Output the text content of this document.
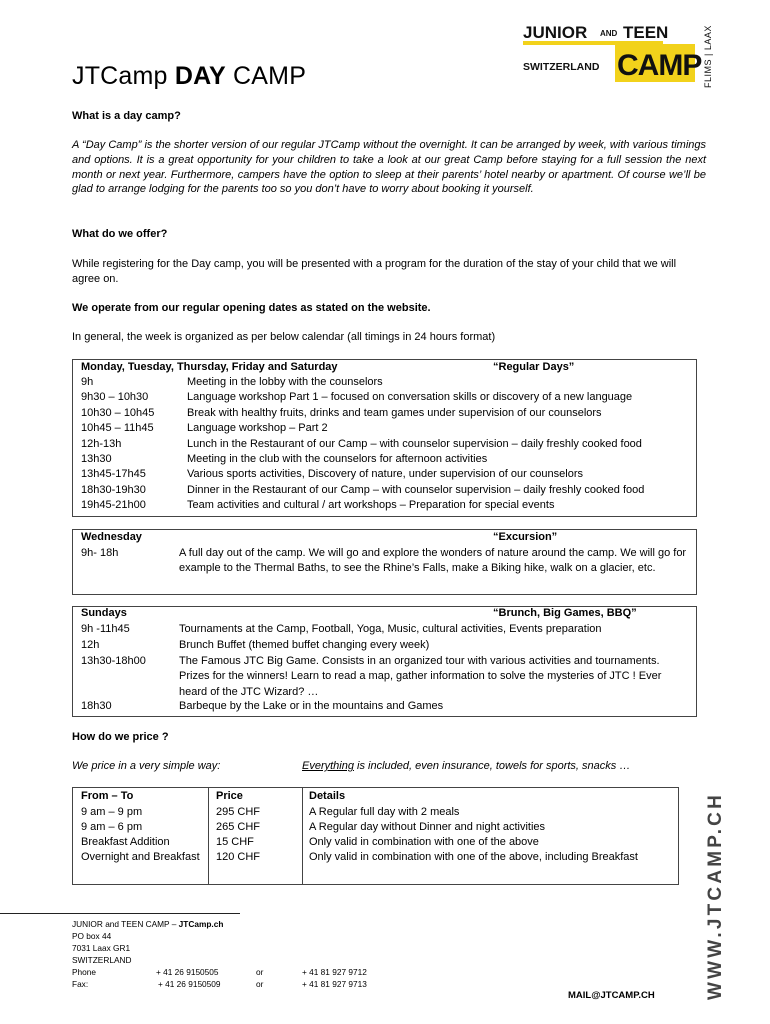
JUNIOR AND TEEN
SWITZERLAND CAMP FLIMS | LAAX
JTCamp DAY CAMP
What is a day camp?
A “Day Camp” is the shorter version of our regular JTCamp without the overnight. It can be arranged by week, with various timings and options. It is a great opportunity for your children to take a look at our great Camp before staying for a full session the next month or next year. Furthermore, campers have the option to sleep at their parents’ hotel nearby or apartment. Of course we’ll be glad to arrange lodging for the parents too so you don’t have to worry about booking it yourself.
What do we offer?
While registering for the Day camp, you will be presented with a program for the duration of the stay of your child that we will agree on.
We operate from our regular opening dates as stated on the website.
In general, the week is organized as per below calendar (all timings in 24 hours format)
Monday, Tuesday, Thursday, Friday and Saturday	“Regular Days”
9h	Meeting in the lobby with the counselors
9h30 – 10h30	Language workshop Part 1 – focused on conversation skills or discovery of a new language
10h30 – 10h45	Break with healthy fruits, drinks and team games under supervision of our counselors
10h45 – 11h45	Language workshop – Part 2
12h-13h	Lunch in the Restaurant of our Camp – with counselor supervision – daily freshly cooked food
13h30	Meeting in the club with the counselors for afternoon activities
13h45-17h45	Various sports activities, Discovery of nature, under supervision of our counselors
18h30-19h30	Dinner in the Restaurant of our Camp – with counselor supervision – daily freshly cooked food
19h45-21h00	Team activities and cultural / art workshops – Preparation for special events
Wednesday	“Excursion”
9h- 18h	A full day out of the camp. We will go and explore the wonders of nature around the camp. We will go for example to the Thermal Baths, to see the Rhine’s Falls, make a Biking hike, walk on a glacier, etc.
Sundays	“Brunch, Big Games, BBQ”
9h -11h45	Tournaments at the Camp, Football, Yoga, Music, cultural activities, Events preparation
12h	Brunch Buffet (themed buffet changing every week)
13h30-18h00	The Famous JTC Big Game. Consists in an organized tour with various activities and tournaments. Prizes for the winners! Learn to read a map, gather information to solve the mysteries of JTC ! Ever heard of the JTC Wizard? …
18h30	Barbeque by the Lake or in the mountains and Games
How do we price ?
We price in a very simple way:	Everything is included, even insurance, towels for sports, snacks …
From – To	Price	Details
9 am – 9 pm	295 CHF	A Regular full day with 2 meals
9 am – 6 pm	265 CHF	A Regular day without Dinner and night activities
Breakfast Addition	15 CHF	Only valid in combination with one of the above
Overnight and Breakfast 120 CHF	Only valid in combination with one of the above, including Breakfast
JUNIOR and TEEN CAMP – JTCamp.ch
PO box 44
7031 Laax GR1
SWITZERLAND
Phone	+ 41 26 9150505	or	+ 41 81 927 9712
Fax:	+ 41 26 9150509	or	+ 41 81 927 9713
MAIL@JTCAMP.CH	WWW.JTCAMP.CH
